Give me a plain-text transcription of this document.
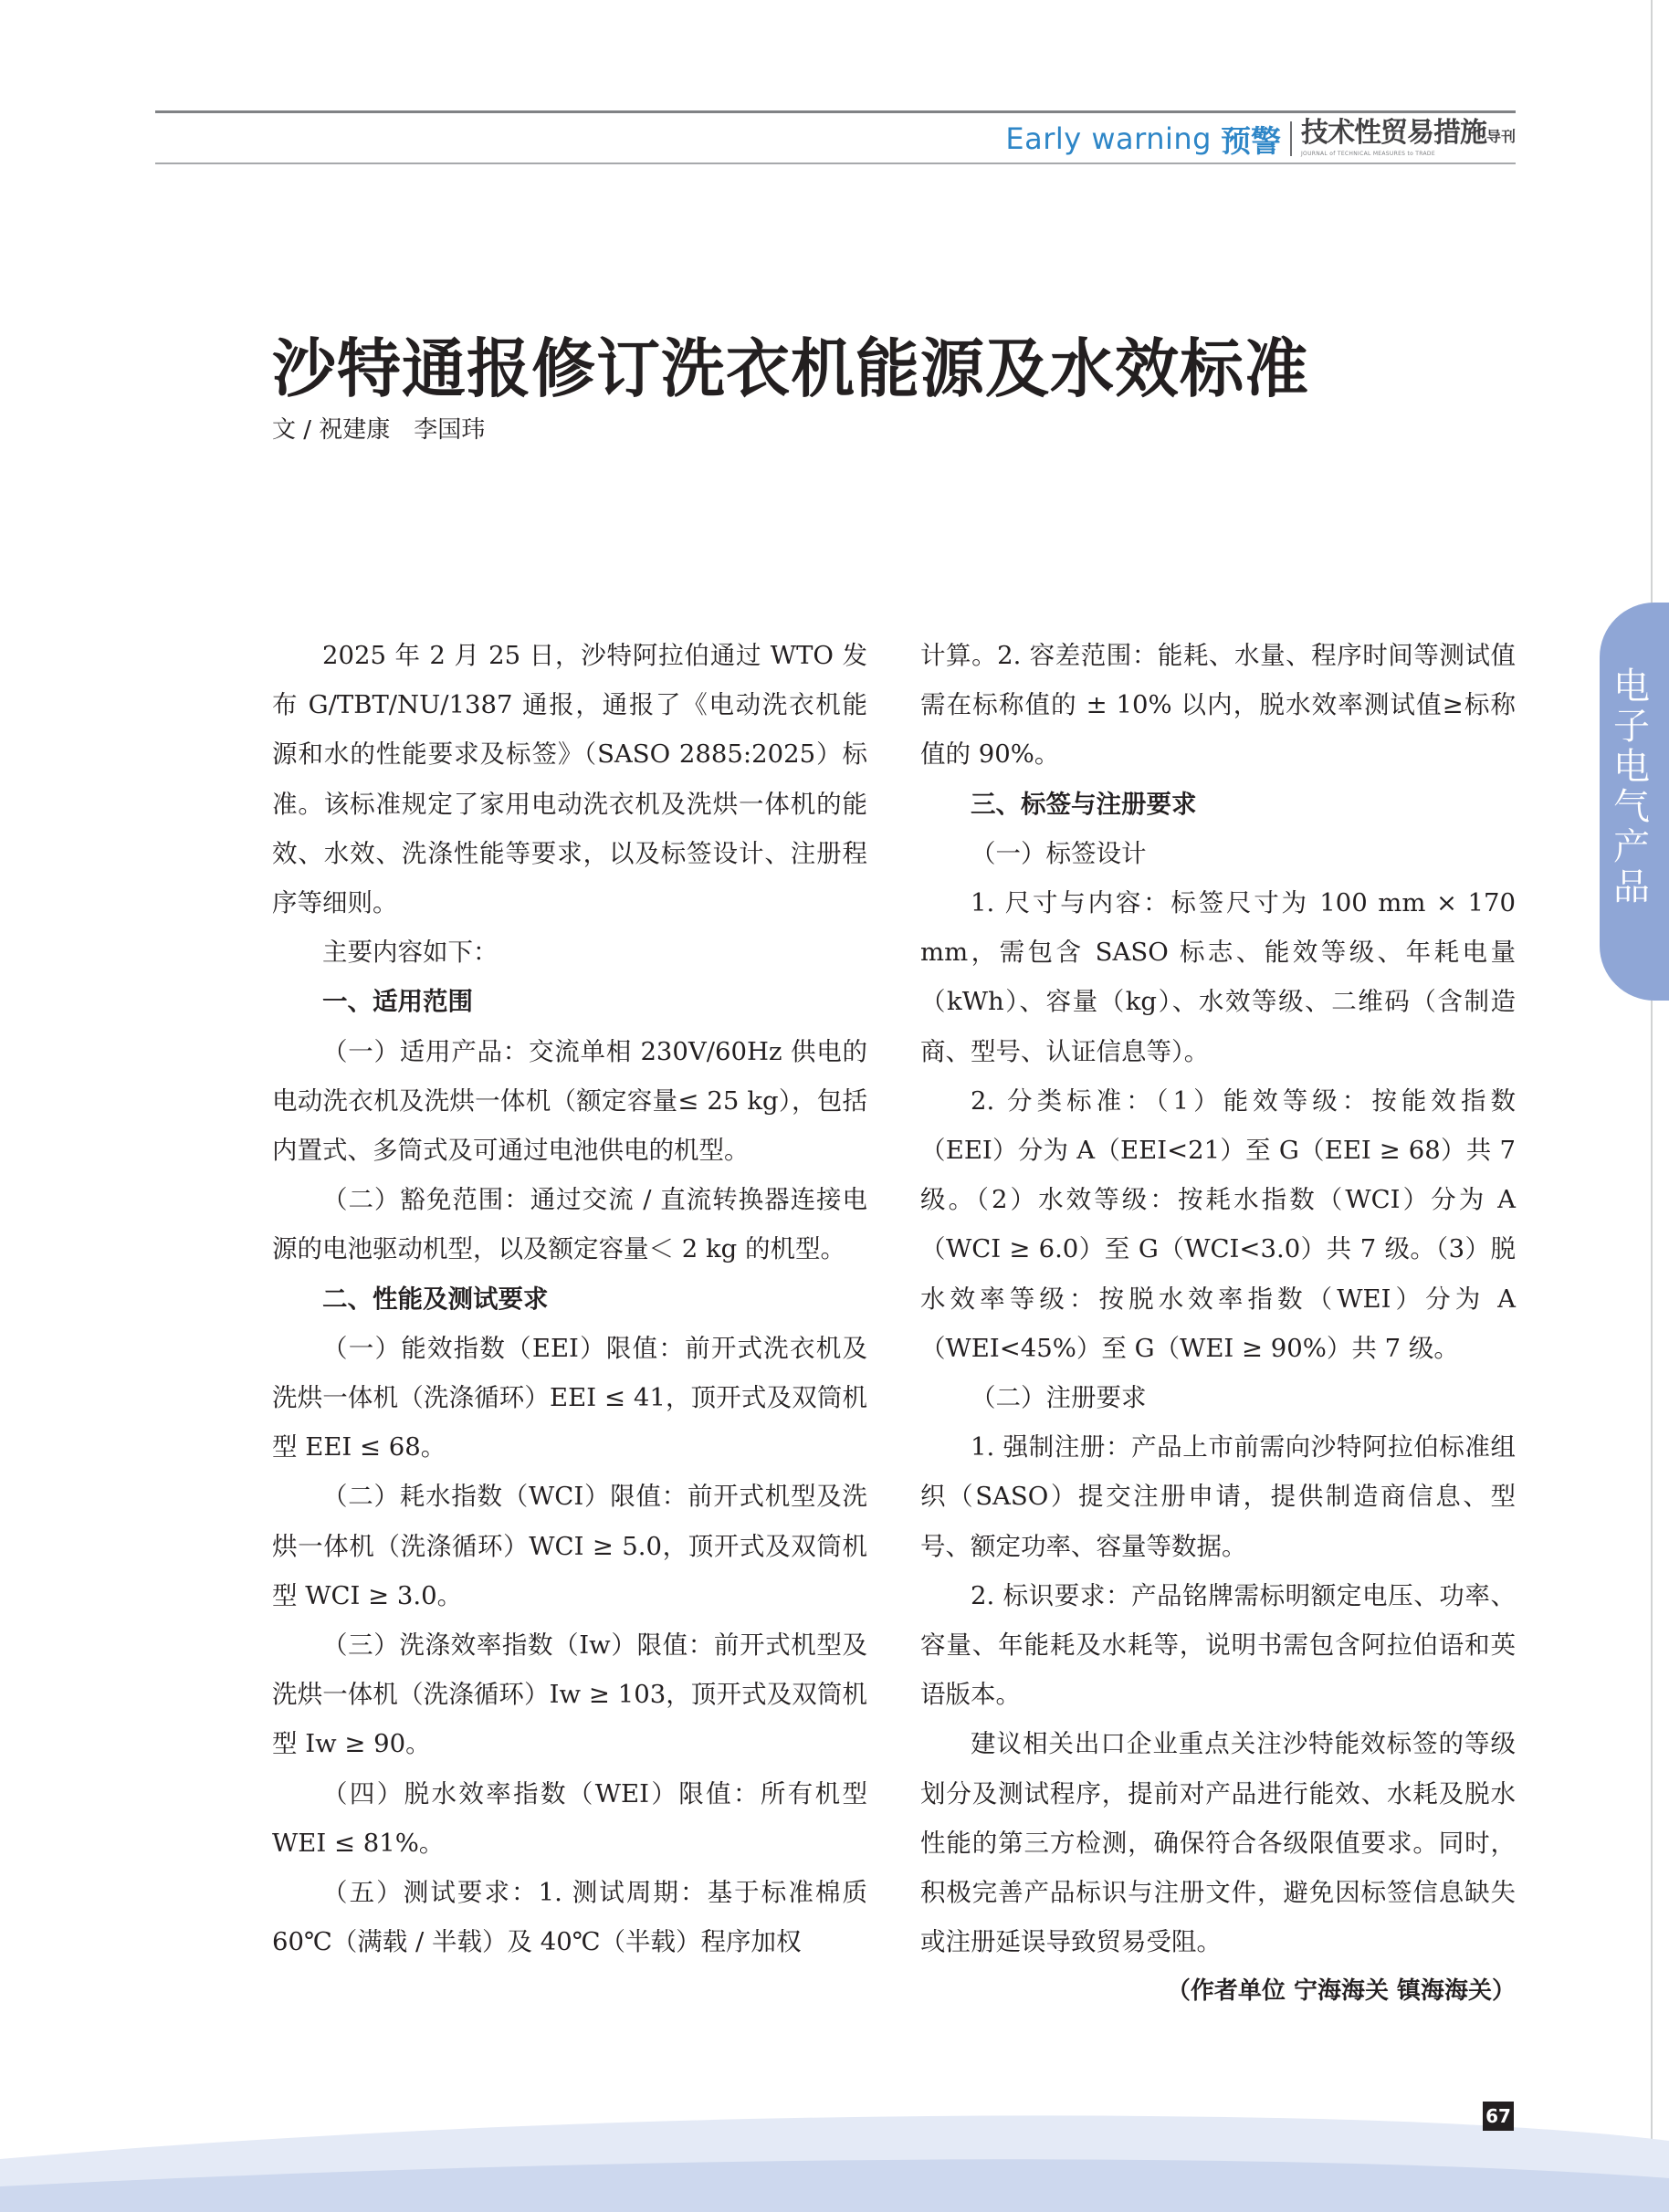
Early warning 预警 技术性贸易措施导刊
JOURNAL of TECHNICAL MEASURES to TRADE
沙特通报修订洗衣机能源及水效标准
文 / 祝建康　李国玮

2025 年 2 月 25 日，沙特阿拉伯通过 WTO 发布 G/TBT/NU/1387 通报，通报了《电动洗衣机能源和水的性能要求及标签》（SASO 2885:2025）标准。该标准规定了家用电动洗衣机及洗烘一体机的能效、水效、洗涤性能等要求，以及标签设计、注册程序等细则。

主要内容如下：

一、适用范围

（一）适用产品：交流单相 230V/60Hz 供电的电动洗衣机及洗烘一体机（额定容量≤ 25 kg），包括内置式、多筒式及可通过电池供电的机型。

（二）豁免范围：通过交流 / 直流转换器连接电源的电池驱动机型，以及额定容量＜ 2 kg 的机型。

二、性能及测试要求

（一）能效指数（EEI）限值：前开式洗衣机及洗烘一体机（洗涤循环）EEI ≤ 41，顶开式及双筒机型 EEI ≤ 68。

（二）耗水指数（WCI）限值：前开式机型及洗烘一体机（洗涤循环）WCI ≥ 5.0，顶开式及双筒机型 WCI ≥ 3.0。

（三）洗涤效率指数（Iw）限值：前开式机型及洗烘一体机（洗涤循环）Iw ≥ 103，顶开式及双筒机型 Iw ≥ 90。

（四）脱水效率指数（WEI）限值：所有机型 WEI ≤ 81%。

（五）测试要求：1. 测试周期：基于标准棉质 60℃（满载 / 半载）及 40℃（半载）程序加权

计算。2. 容差范围：能耗、水量、程序时间等测试值需在标称值的 ± 10% 以内，脱水效率测试值≥标称值的 90%。

三、标签与注册要求

（一）标签设计

1. 尺寸与内容：标签尺寸为 100 mm × 170 mm，需包含 SASO 标志、能效等级、年耗电量（kWh）、容量（kg）、水效等级、二维码（含制造商、型号、认证信息等）。

2. 分类标准：（1）能效等级：按能效指数（EEI）分为 A（EEI<21）至 G（EEI ≥ 68）共 7 级。（2）水效等级：按耗水指数（WCI）分为 A（WCI ≥ 6.0）至 G（WCI<3.0）共 7 级。（3）脱水效率等级：按脱水效率指数（WEI）分为 A（WEI<45%）至 G（WEI ≥ 90%）共 7 级。

（二）注册要求

1. 强制注册：产品上市前需向沙特阿拉伯标准组织（SASO）提交注册申请，提供制造商信息、型号、额定功率、容量等数据。

2. 标识要求：产品铭牌需标明额定电压、功率、容量、年能耗及水耗等，说明书需包含阿拉伯语和英语版本。

建议相关出口企业重点关注沙特能效标签的等级划分及测试程序，提前对产品进行能效、水耗及脱水性能的第三方检测，确保符合各级限值要求。同时，积极完善产品标识与注册文件，避免因标签信息缺失或注册延误导致贸易受阻。

（作者单位 宁海海关 镇海海关）

电子电气产品
67
